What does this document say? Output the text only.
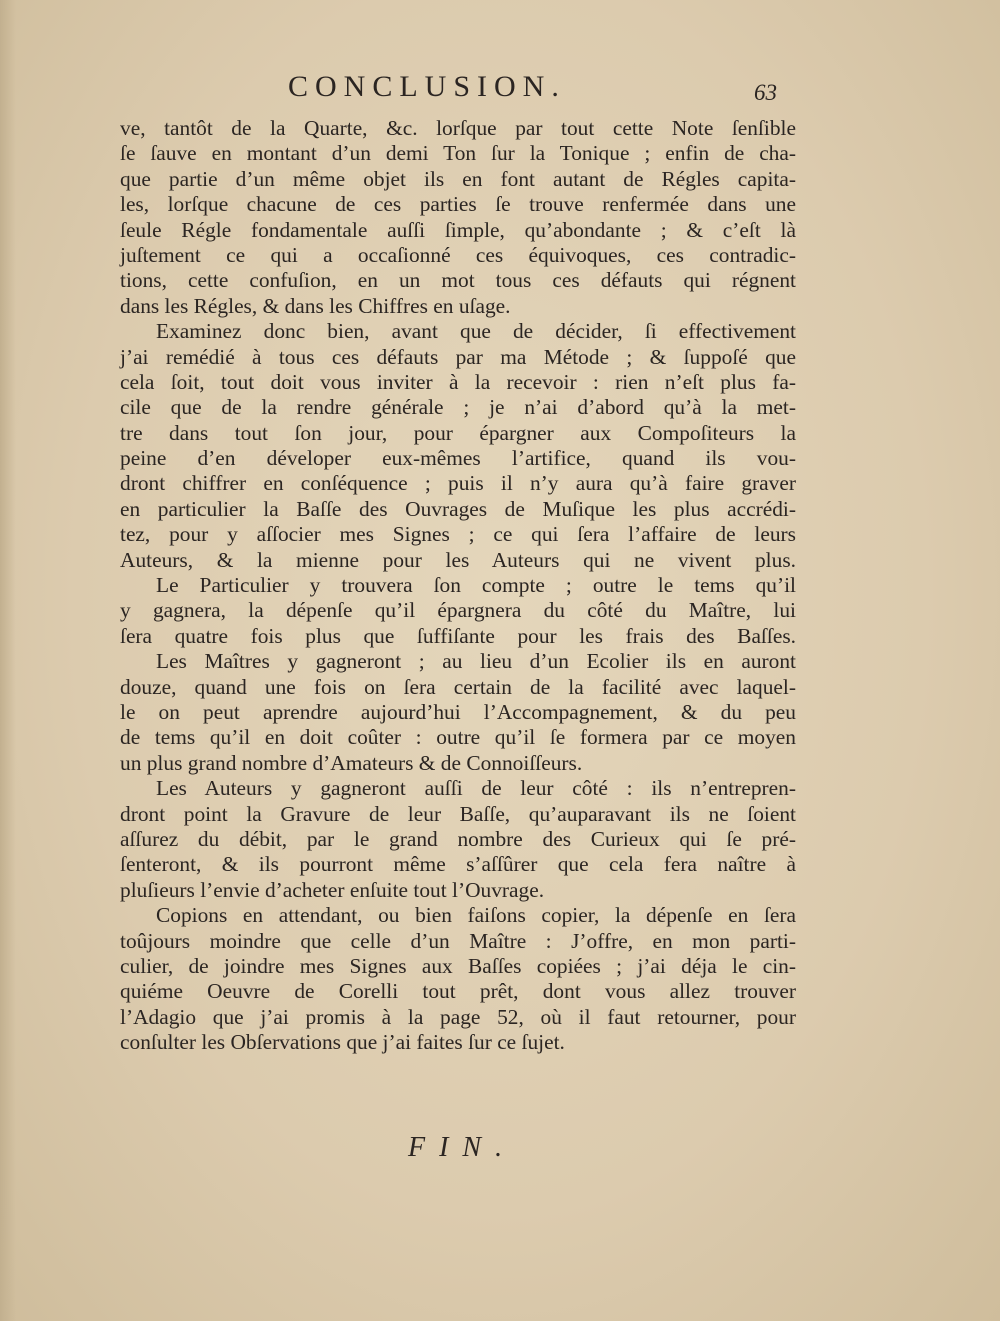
CONCLUSION.	63
ve, tantôt de la Quarte, &c. lorſque par tout cette Note ſenſible
ſe ſauve en montant d’un demi Ton ſur la Tonique ; enfin de cha-
que partie d’un même objet ils en font autant de Régles capita-
les, lorſque chacune de ces parties ſe trouve renfermée dans une
ſeule Régle fondamentale auſſi ſimple, qu’abondante ; & c’eſt là
juſtement ce qui a occaſionné ces équivoques, ces contradic-
tions, cette confuſion, en un mot tous ces défauts qui régnent
dans les Régles, & dans les Chiffres en uſage.
Examinez donc bien, avant que de décider, ſi effectivement
j’ai remédié à tous ces défauts par ma Métode ; & ſuppoſé que
cela ſoit, tout doit vous inviter à la recevoir : rien n’eſt plus fa-
cile que de la rendre générale ; je n’ai d’abord qu’à la met-
tre dans tout ſon jour, pour épargner aux Compoſiteurs la
peine d’en déveloper eux-mêmes l’artifice, quand ils vou-
dront chiffrer en conſéquence ; puis il n’y aura qu’à faire graver
en particulier la Baſſe des Ouvrages de Muſique les plus accrédi-
tez, pour y aſſocier mes Signes ; ce qui ſera l’affaire de leurs
Auteurs, & la mienne pour les Auteurs qui ne vivent plus.
Le Particulier y trouvera ſon compte ; outre le tems qu’il
y gagnera, la dépenſe qu’il épargnera du côté du Maître, lui
ſera quatre fois plus que ſuffiſante pour les frais des Baſſes.
Les Maîtres y gagneront ; au lieu d’un Ecolier ils en auront
douze, quand une fois on ſera certain de la facilité avec laquel-
le on peut aprendre aujourd’hui l’Accompagnement, & du peu
de tems qu’il en doit coûter : outre qu’il ſe formera par ce moyen
un plus grand nombre d’Amateurs & de Connoiſſeurs.
Les Auteurs y gagneront auſſi de leur côté : ils n’entrepren-
dront point la Gravure de leur Baſſe, qu’auparavant ils ne ſoient
aſſurez du débit, par le grand nombre des Curieux qui ſe pré-
ſenteront, & ils pourront même s’aſſûrer que cela fera naître à
pluſieurs l’envie d’acheter enſuite tout l’Ouvrage.
Copions en attendant, ou bien faiſons copier, la dépenſe en ſera
toûjours moindre que celle d’un Maître : J’offre, en mon parti-
culier, de joindre mes Signes aux Baſſes copiées ; j’ai déja le cin-
quiéme Oeuvre de Corelli tout prêt, dont vous allez trouver
l’Adagio que j’ai promis à la page 52, où il faut retourner, pour
conſulter les Obſervations que j’ai faites ſur ce ſujet.
FIN.
